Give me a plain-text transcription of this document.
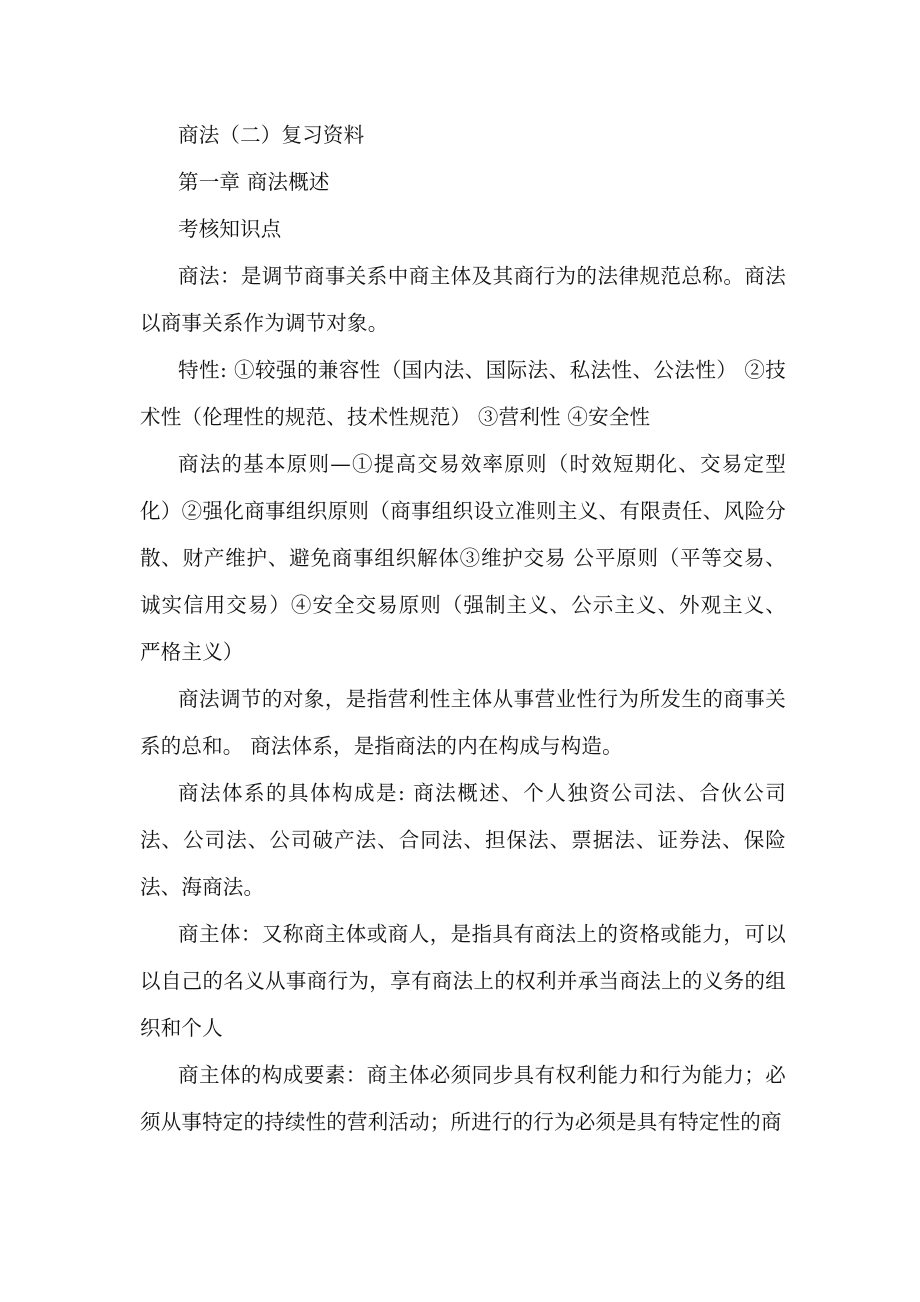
商法（二）复习资料

第一章 商法概述

考核知识点

商法：是调节商事关系中商主体及其商行为的法律规范总称。商法以商事关系作为调节对象。

特性: ①较强的兼容性（国内法、国际法、私法性、公法性） ②技术性（伦理性的规范、技术性规范） ③营利性 ④安全性

商法的基本原则—①提高交易效率原则（时效短期化、交易定型化）②强化商事组织原则（商事组织设立准则主义、有限责任、风险分散、财产维护、避免商事组织解体③维护交易 公平原则（平等交易、诚实信用交易）④安全交易原则（强制主义、公示主义、外观主义、 严格主义）

商法调节的对象，是指营利性主体从事营业性行为所发生的商事关系的总和。 商法体系，是指商法的内在构成与构造。

商法体系的具体构成是: 商法概述、个人独资公司法、合伙公司法、公司法、公司破产法、合同法、担保法、票据法、证券法、保险法、海商法。

商主体：又称商主体或商人，是指具有商法上的资格或能力，可以以自己的名义从事商行为，享有商法上的权利并承当商法上的义务的组织和个人

商主体的构成要素：商主体必须同步具有权利能力和行为能力；必须从事特定的持续性的营利活动；所进行的行为必须是具有特定性的商
